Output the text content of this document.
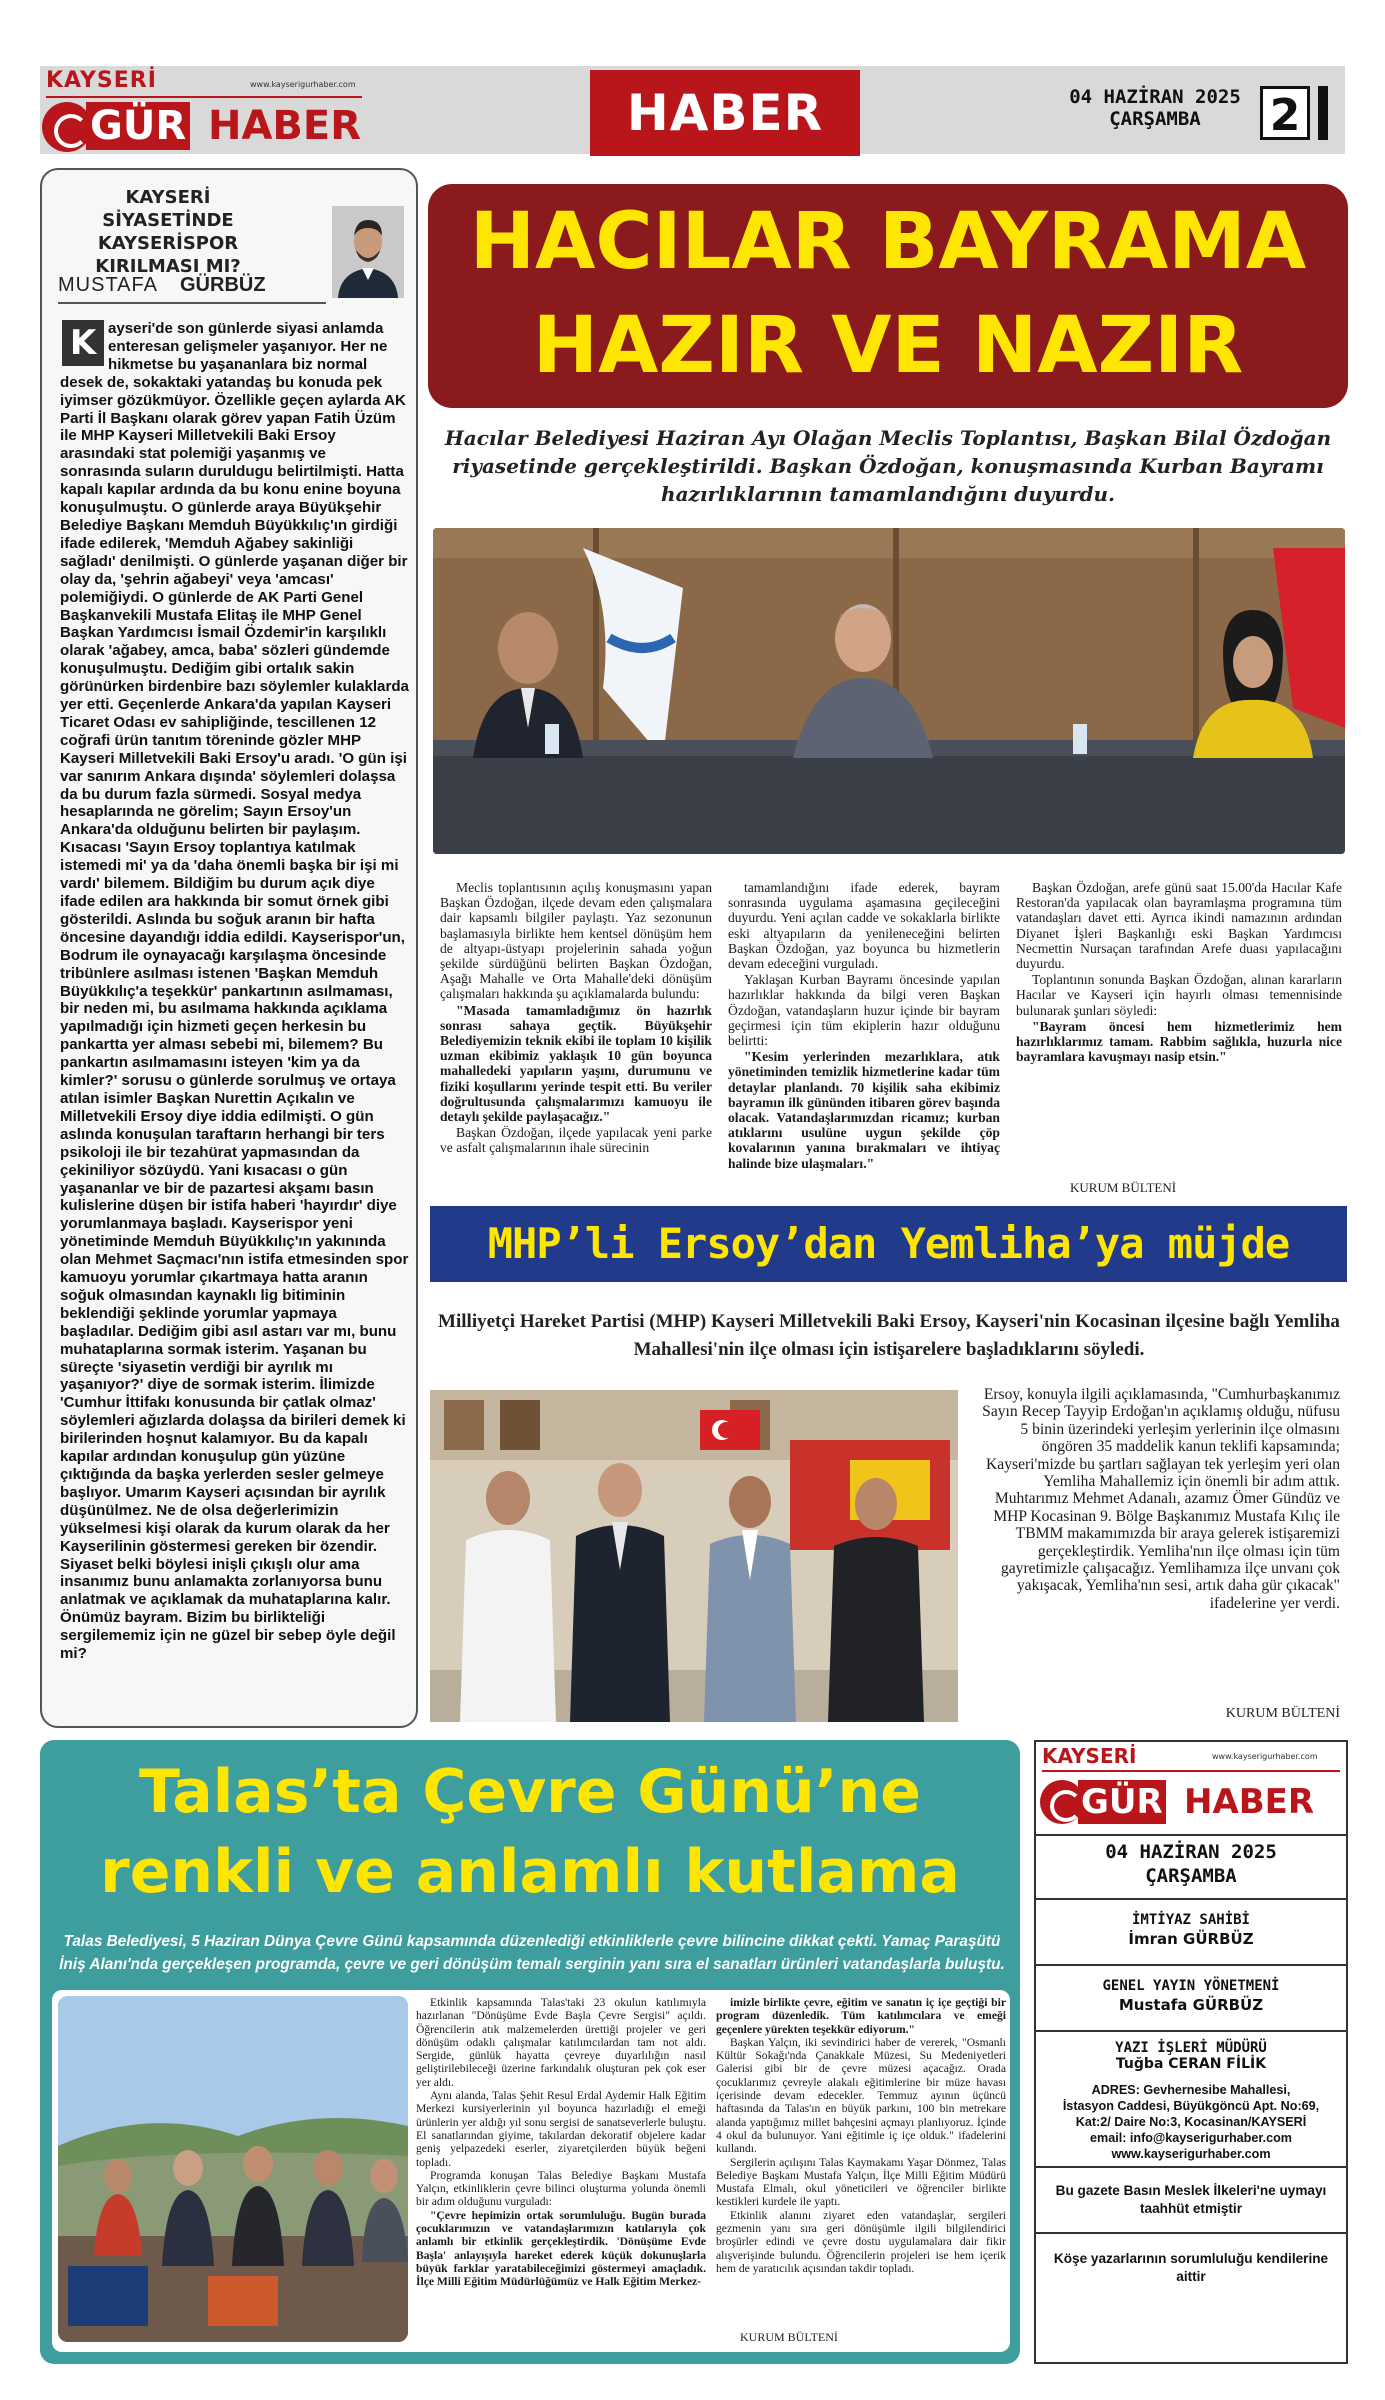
KAYSERİ	www.kayserigurhaber.com
GÜR HABER	HABER	04 HAZİRAN 2025
ÇARŞAMBA	2
KAYSERİ SİYASETİNDE KAYSERİSPOR KIRILMASI MI?
MUSTAFA GÜRBÜZ
ayseri'de son günlerde siyasi anlamda enteresan gelişmeler yaşanıyor. Her ne hikmetse bu yaşananlara biz normal desek de, sokaktaki yatandaş bu konuda pek iyimser gözükmüyor. Özellikle geçen aylarda AK Parti İl Başkanı olarak görev yapan Fatih Üzüm ile MHP Kayseri Milletvekili Baki Ersoy arasındaki stat polemiği yaşanmış ve sonrasında suların duruldugu belirtilmişti. Hatta kapalı kapılar ardında da bu konu enine boyuna konuşulmuştu. O günlerde araya Büyükşehir Belediye Başkanı Memduh Büyükkılıç'ın girdiği ifade edilerek, 'Memduh Ağabey sakinliği sağladı' denilmişti. O günlerde yaşanan diğer bir olay da, 'şehrin ağabeyi' veya 'amcası' polemiğiydi. O günlerde de AK Parti Genel Başkanvekili Mustafa Elitaş ile MHP Genel Başkan Yardımcısı İsmail Özdemir'in karşılıklı olarak 'ağabey, amca, baba' sözleri gündemde konuşulmuştu. Dediğim gibi ortalık sakin görünürken birdenbire bazı söylemler kulaklarda yer etti. Geçenlerde Ankara'da yapılan Kayseri Ticaret Odası ev sahipliğinde, tescillenen 12 coğrafi ürün tanıtım töreninde gözler MHP Kayseri Milletvekili Baki Ersoy'u aradı. 'O gün işi var sanırım Ankara dışında' söylemleri dolaşsa da bu durum fazla sürmedi. Sosyal medya hesaplarında ne görelim; Sayın Ersoy'un Ankara'da olduğunu belirten bir paylaşım. Kısacası 'Sayın Ersoy toplantıya katılmak istemedi mi' ya da 'daha önemli başka bir işi mi vardı' bilemem. Bildiğim bu durum açık diye ifade edilen ara hakkında bir somut örnek gibi gösterildi. Aslında bu soğuk aranın bir hafta öncesine dayandığı iddia edildi. Kayserispor'un, Bodrum ile oynayacağı karşılaşma öncesinde tribünlere asılması istenen 'Başkan Memduh Büyükkılıç'a teşekkür' pankartının asılmaması, bir neden mi, bu asılmama hakkında açıklama yapılmadığı için hizmeti geçen herkesin bu pankartta yer alması sebebi mi, bilemem? Bu pankartın asılmamasını isteyen 'kim ya da kimler?' sorusu o günlerde sorulmuş ve ortaya atılan isimler Başkan Nurettin Açıkalın ve Milletvekili Ersoy diye iddia edilmişti. O gün aslında konuşulan taraftarın herhangi bir ters psikoloji ile bir tezahürat yapmasından da çekiniliyor sözüydü. Yani kısacası o gün yaşananlar ve bir de pazartesi akşamı basın kulislerine düşen bir istifa haberi 'hayırdır' diye yorumlanmaya başladı. Kayserispor yeni yönetiminde Memduh Büyükkılıç'ın yakınında olan Mehmet Saçmacı'nın istifa etmesinden spor kamuoyu yorumlar çıkartmaya hatta aranın soğuk olmasından kaynaklı lig bitiminin beklendiği şeklinde yorumlar yapmaya başladılar. Dediğim gibi asıl astarı var mı, bunu muhataplarına sormak isterim. Yaşanan bu süreçte 'siyasetin verdiği bir ayrılık mı yaşanıyor?' diye de sormak isterim. İlimizde 'Cumhur İttifakı konusunda bir çatlak olmaz' söylemleri ağızlarda dolaşsa da birileri demek ki birilerinden hoşnut kalamıyor. Bu da kapalı kapılar ardından konuşulup gün yüzüne çıktığında da başka yerlerden sesler gelmeye başlıyor. Umarım Kayseri açısından bir ayrılık düşünülmez. Ne de olsa değerlerimizin yükselmesi kişi olarak da kurum olarak da her Kayserilinin göstermesi gereken bir özendir. Siyaset belki böylesi inişli çıkışlı olur ama insanımız bunu anlamakta zorlanıyorsa bunu anlatmak ve açıklamak da muhataplarına kalır. Önümüz bayram. Bizim bu birlikteliği sergilememiz için ne güzel bir sebep öyle değil mi?
K
HACILAR BAYRAMA
HAZIR VE NAZIR
Hacılar Belediyesi Haziran Ayı Olağan Meclis Toplantısı, Başkan Bilal Özdoğan riyasetinde gerçekleştirildi. Başkan Özdoğan, konuşmasında Kurban Bayramı hazırlıklarının tamamlandığını duyurdu.

Meclis toplantısının açılış konuşmasını yapan Başkan Özdoğan, ilçede devam eden çalışmalara dair kapsamlı bilgiler paylaştı. Yaz sezonunun başlamasıyla birlikte hem kentsel dönüşüm hem de altyapı-üstyapı projelerinin sahada yoğun şekilde sürdüğünü belirten Başkan Özdoğan, Aşağı Mahalle ve Orta Mahalle'deki dönüşüm çalışmaları hakkında şu açıklamalarda bulundu:

"Masada tamamladığımız ön hazırlık sonrası sahaya geçtik. Büyükşehir Belediyemizin teknik ekibi ile toplam 10 kişilik uzman ekibimiz yaklaşık 10 gün boyunca mahalledeki yapıların yaşını, durumunu ve fiziki koşullarını yerinde tespit etti. Bu veriler doğrultusunda çalışmalarımızı kamuoyu ile detaylı şekilde paylaşacağız."

Başkan Özdoğan, ilçede yapılacak yeni parke ve asfalt çalışmalarının ihale sürecinin

tamamlandığını ifade ederek, bayram sonrasında uygulama aşamasına geçileceğini duyurdu. Yeni açılan cadde ve sokaklarla birlikte eski altyapıların da yenileneceğini belirten Başkan Özdoğan, yaz boyunca bu hizmetlerin devam edeceğini vurguladı.

Yaklaşan Kurban Bayramı öncesinde yapılan hazırlıklar hakkında da bilgi veren Başkan Özdoğan, vatandaşların huzur içinde bir bayram geçirmesi için tüm ekiplerin hazır olduğunu belirtti:

"Kesim yerlerinden mezarlıklara, atık yönetiminden temizlik hizmetlerine kadar tüm detaylar planlandı. 70 kişilik saha ekibimiz bayramın ilk gününden itibaren görev başında olacak. Vatandaşlarımızdan ricamız; kurban atıklarını usulüne uygun şekilde çöp kovalarının yanına bırakmaları ve ihtiyaç halinde bize ulaşmaları."

Başkan Özdoğan, arefe günü saat 15.00'da Hacılar Kafe Restoran'da yapılacak olan bayramlaşma programına tüm vatandaşları davet etti. Ayrıca ikindi namazının ardından Diyanet İşleri Başkanlığı eski Başkan Yardımcısı Necmettin Nursaçan tarafından Arefe duası yapılacağını duyurdu.

Toplantının sonunda Başkan Özdoğan, alınan kararların Hacılar ve Kayseri için hayırlı olması temennisinde bulunarak şunları söyledi:

"Bayram öncesi hem hizmetlerimiz hem hazırlıklarımız tamam. Rabbim sağlıkla, huzurla nice bayramlara kavuşmayı nasip etsin."

KURUM BÜLTENİ
MHP’li Ersoy’dan Yemliha’ya müjde
Milliyetçi Hareket Partisi (MHP) Kayseri Milletvekili Baki Ersoy, Kayseri'nin Kocasinan ilçesine bağlı Yemliha Mahallesi'nin ilçe olması için istişarelere başladıklarını söyledi.
Ersoy, konuyla ilgili açıklamasında, "Cumhurbaşkanımız Sayın Recep Tayyip Erdoğan'ın açıklamış olduğu, nüfusu 5 binin üzerindeki yerleşim yerlerinin ilçe olmasını öngören 35 maddelik kanun teklifi kapsamında; Kayseri'mizde bu şartları sağlayan tek yerleşim yeri olan Yemliha Mahallemiz için önemli bir adım attık. Muhtarımız Mehmet Adanalı, azamız Ömer Gündüz ve MHP Kocasinan 9. Bölge Başkanımız Mustafa Kılıç ile TBMM makamımızda bir araya gelerek istişaremizi gerçekleştirdik. Yemliha'nın ilçe olması için tüm gayretimizle çalışacağız. Yemlihamıza ilçe unvanı çok yakışacak, Yemliha'nın sesi, artık daha gür çıkacak" ifadelerine yer verdi.
KURUM BÜLTENİ
Talas’ta Çevre Günü’ne
renkli ve anlamlı kutlama
Talas Belediyesi, 5 Haziran Dünya Çevre Günü kapsamında düzenlediği etkinliklerle çevre bilincine dikkat çekti. Yamaç Paraşütü İniş Alanı'nda gerçekleşen programda, çevre ve geri dönüşüm temalı serginin yanı sıra el sanatları ürünleri vatandaşlarla buluştu.

Etkinlik kapsamında Talas'taki 23 okulun katılımıyla hazırlanan "Dönüşüme Evde Başla Çevre Sergisi" açıldı. Öğrencilerin atık malzemelerden ürettiği projeler ve geri dönüşüm odaklı çalışmalar katılımcılardan tam not aldı. Sergide, günlük hayatta çevreye duyarlılığın nasıl geliştirilebileceği üzerine farkındalık oluşturan pek çok eser yer aldı.

Aynı alanda, Talas Şehit Resul Erdal Aydemir Halk Eğitim Merkezi kursiyerlerinin yıl boyunca hazırladığı el emeği ürünlerin yer aldığı yıl sonu sergisi de sanatseverlerle buluştu. El sanatlarından giyime, takılardan dekoratif objelere kadar geniş yelpazedeki eserler, ziyaretçilerden büyük beğeni topladı.

Programda konuşan Talas Belediye Başkanı Mustafa Yalçın, etkinliklerin çevre bilinci oluşturma yolunda önemli bir adım olduğunu vurguladı:

"Çevre hepimizin ortak sorumluluğu. Bugün burada çocuklarımızın ve vatandaşlarımızın katılarıyla çok anlamlı bir etkinlik gerçekleştirdik. 'Dönüşüme Evde Başla' anlayışıyla hareket ederek küçük dokunuşlarla büyük farklar yaratabileceğimizi göstermeyi amaçladık. İlçe Milli Eğitim Müdürlüğümüz ve Halk Eğitim Merkez-

imizle birlikte çevre, eğitim ve sanatın iç içe geçtiği bir program düzenledik. Tüm katılımcılara ve emeği geçenlere yürekten teşekkür ediyorum."

Başkan Yalçın, iki sevindirici haber de vererek, "Osmanlı Kültür Sokağı'nda Çanakkale Müzesi, Su Medeniyetleri Galerisi gibi bir de çevre müzesi açacağız. Orada çocuklarımız çevreyle alakalı eğitimlerine bir müze havası içerisinde devam edecekler. Temmuz ayının üçüncü haftasında da Talas'ın en büyük parkını, 100 bin metrekare alanda yaptığımız millet bahçesini açmayı planlıyoruz. İçinde 4 okul da bulunuyor. Yani eğitimle iç içe olduk." ifadelerini kullandı.

Sergilerin açılışını Talas Kaymakamı Yaşar Dönmez, Talas Belediye Başkanı Mustafa Yalçın, İlçe Milli Eğitim Müdürü Mustafa Elmalı, okul yöneticileri ve öğrenciler birlikte kestikleri kurdele ile yaptı.

Etkinlik alanını ziyaret eden vatandaşlar, sergileri gezmenin yanı sıra geri dönüşümle ilgili bilgilendirici broşürler edindi ve çevre dostu uygulamalara dair fikir alışverişinde bulundu. Öğrencilerin projeleri ise hem içerik hem de yaratıcılık açısından takdir topladı.

KURUM BÜLTENİ
KAYSERİ	www.kayserigurhaber.com
GÜR HABER
04 HAZİRAN 2025
ÇARŞAMBA
İMTİYAZ SAHİBİ
İmran GÜRBÜZ
GENEL YAYIN YÖNETMENİ
Mustafa GÜRBÜZ
YAZI İŞLERİ MÜDÜRÜ
Tuğba CERAN FİLİK
ADRES: Gevhernesibe Mahallesi,
İstasyon Caddesi, Büyükgöncü Apt. No:69,
Kat:2/ Daire No:3, Kocasinan/KAYSERİ
email: info@kayserigurhaber.com
www.kayserigurhaber.com
Bu gazete Basın Meslek İlkeleri'ne uymayı taahhüt etmiştir
Köşe yazarlarının sorumluluğu kendilerine aittir
